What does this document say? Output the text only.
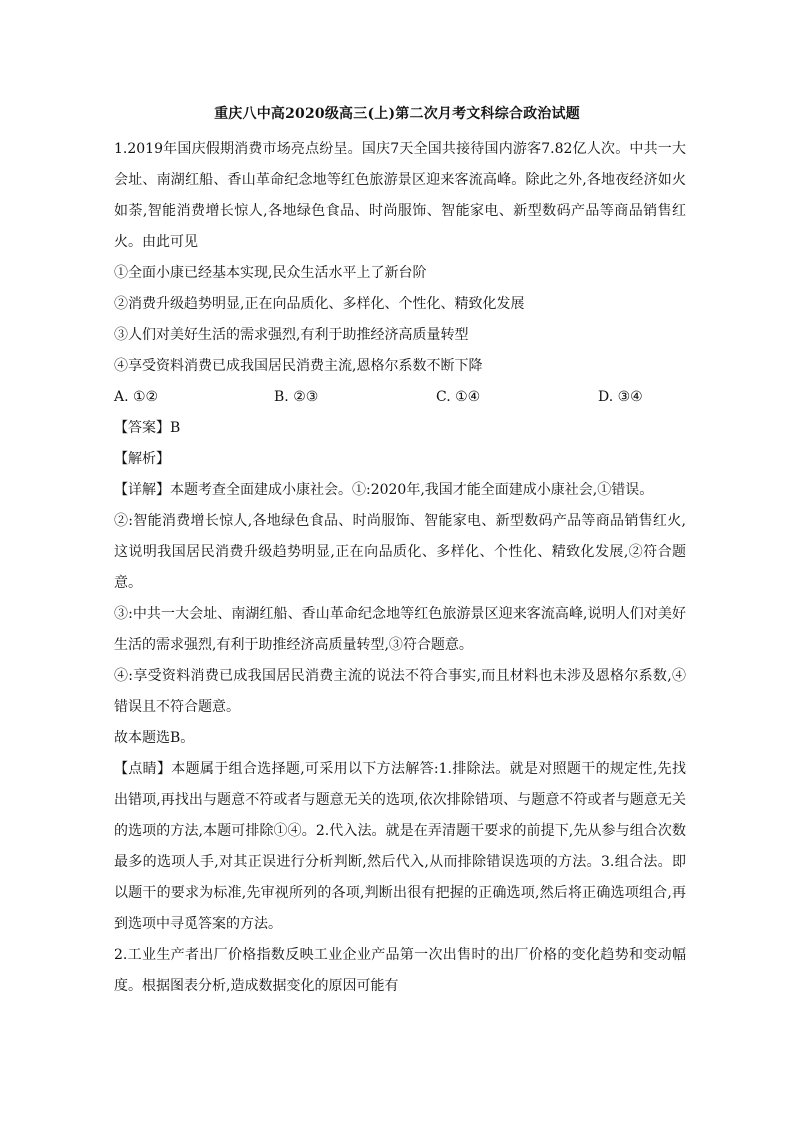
重庆八中高2020级高三(上)第二次月考文科综合政治试题

1.2019年国庆假期消费市场亮点纷呈。国庆7天全国共接待国内游客7.82亿人次。中共一大会址、南湖红船、香山革命纪念地等红色旅游景区迎来客流高峰。除此之外,各地夜经济如火如荼,智能消费增长惊人,各地绿色食品、时尚服饰、智能家电、新型数码产品等商品销售红火。由此可见

①全面小康已经基本实现,民众生活水平上了新台阶

②消费升级趋势明显,正在向品质化、多样化、个性化、精致化发展

③人们对美好生活的需求强烈,有利于助推经济高质量转型

④享受资料消费已成我国居民消费主流,恩格尔系数不断下降

A. ①②	B. ②③	C. ①④	D. ③④

【答案】B

【解析】

【详解】本题考查全面建成小康社会。①:2020年,我国才能全面建成小康社会,①错误。

②:智能消费增长惊人,各地绿色食品、时尚服饰、智能家电、新型数码产品等商品销售红火,这说明我国居民消费升级趋势明显,正在向品质化、多样化、个性化、精致化发展,②符合题意。

③:中共一大会址、南湖红船、香山革命纪念地等红色旅游景区迎来客流高峰,说明人们对美好生活的需求强烈,有利于助推经济高质量转型,③符合题意。

④:享受资料消费已成我国居民消费主流的说法不符合事实,而且材料也未涉及恩格尔系数,④错误且不符合题意。

故本题选B。

【点睛】本题属于组合选择题,可采用以下方法解答:1.排除法。就是对照题干的规定性,先找出错项,再找出与题意不符或者与题意无关的选项,依次排除错项、与题意不符或者与题意无关的选项的方法,本题可排除①④。2.代入法。就是在弄清题干要求的前提下,先从参与组合次数最多的选项人手,对其正误进行分析判断,然后代入,从而排除错误选项的方法。3.组合法。即以题干的要求为标准,先审视所列的各项,判断出很有把握的正确选项,然后将正确选项组合,再到选项中寻觅答案的方法。

2.工业生产者出厂价格指数反映工业企业产品第一次出售时的出厂价格的变化趋势和变动幅度。根据图表分析,造成数据变化的原因可能有
